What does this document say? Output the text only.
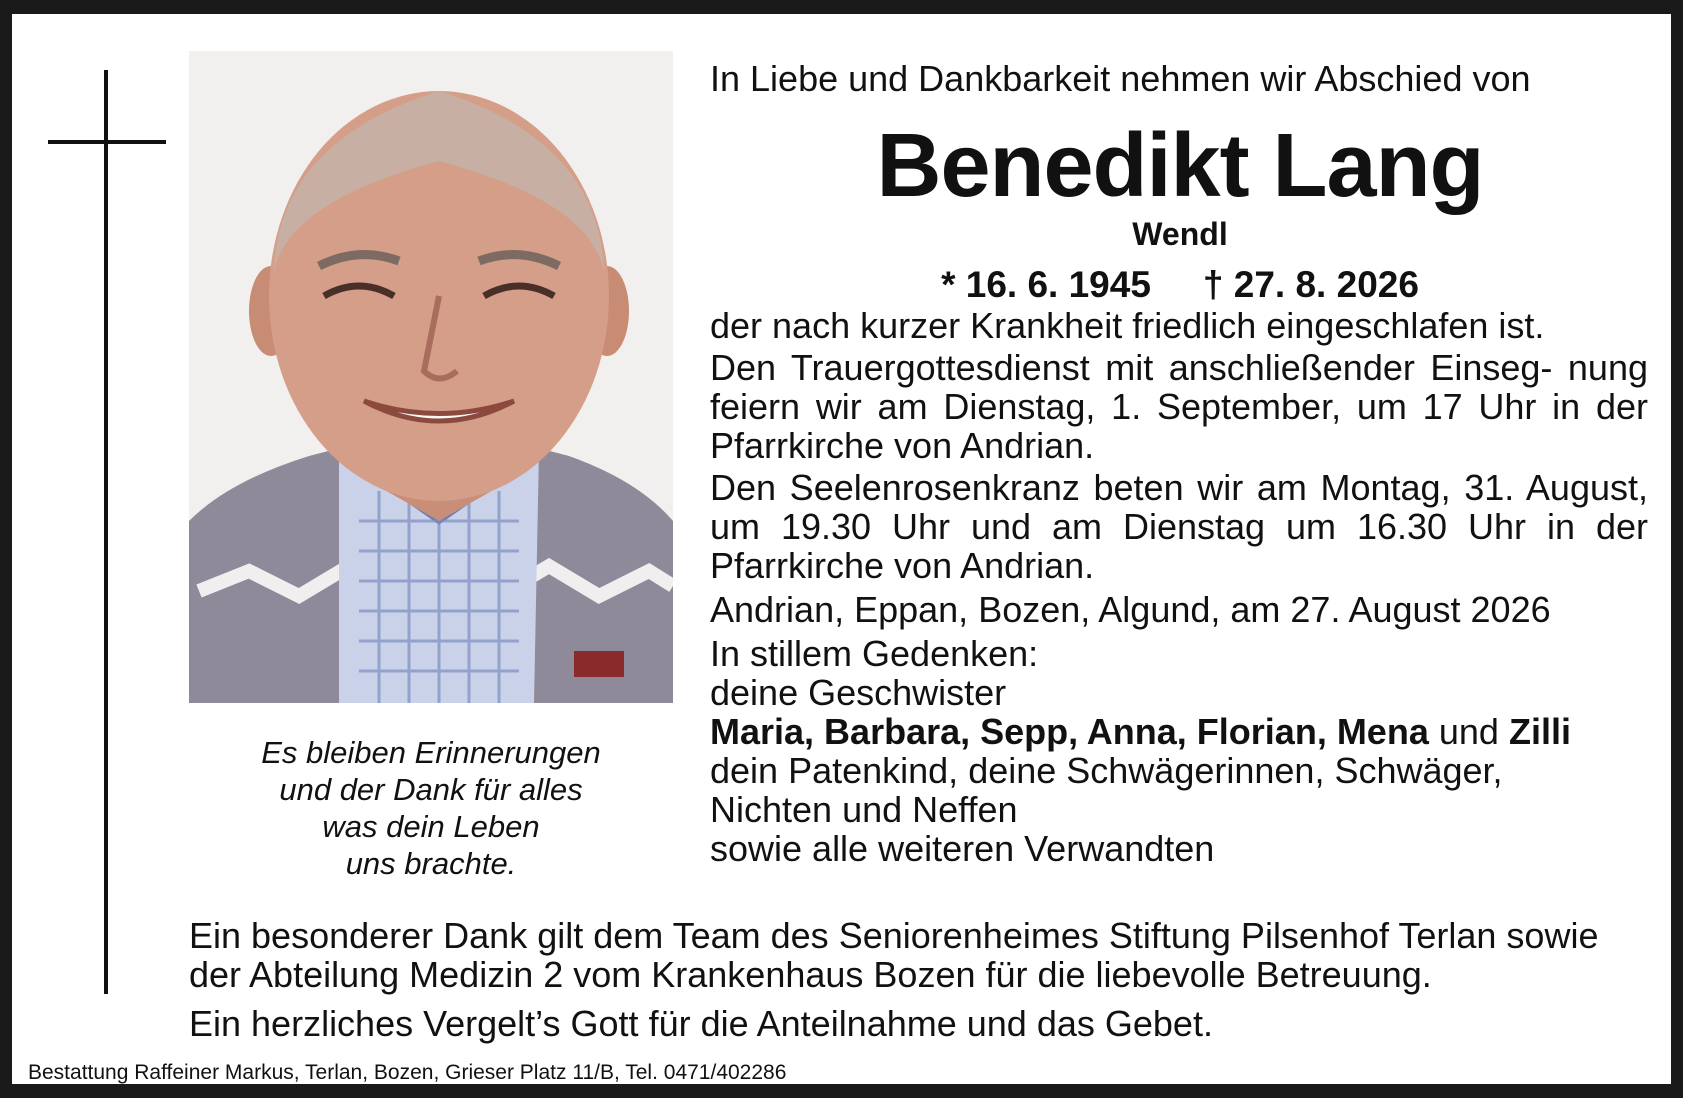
Es bleiben Erinnerungen
und der Dank für alles
was dein Leben
uns brachte.
In Liebe und Dankbarkeit nehmen wir Abschied von
Benedikt Lang
Wendl
* 16. 6. 1945 † 27. 8. 2026
der nach kurzer Krankheit friedlich eingeschlafen ist.
Den Trauergottesdienst mit anschließender Einseg- nung feiern wir am Dienstag, 1. September, um 17 Uhr in der Pfarrkirche von Andrian.
Den Seelenrosenkranz beten wir am Montag, 31. August, um 19.30 Uhr und am Dienstag um 16.30 Uhr in der Pfarrkirche von Andrian.
Andrian, Eppan, Bozen, Algund, am 27. August 2026
In stillem Gedenken:
deine Geschwister
Maria, Barbara, Sepp, Anna, Florian, Mena und Zilli
dein Patenkind, deine Schwägerinnen, Schwäger,
Nichten und Neffen
sowie alle weiteren Verwandten
Ein besonderer Dank gilt dem Team des Seniorenheimes Stiftung Pilsenhof Terlan sowie der Abteilung Medizin 2 vom Krankenhaus Bozen für die liebevolle Betreuung.
Ein herzliches Vergelt’s Gott für die Anteilnahme und das Gebet.
Bestattung Raffeiner Markus, Terlan, Bozen, Grieser Platz 11/B, Tel. 0471/402286
